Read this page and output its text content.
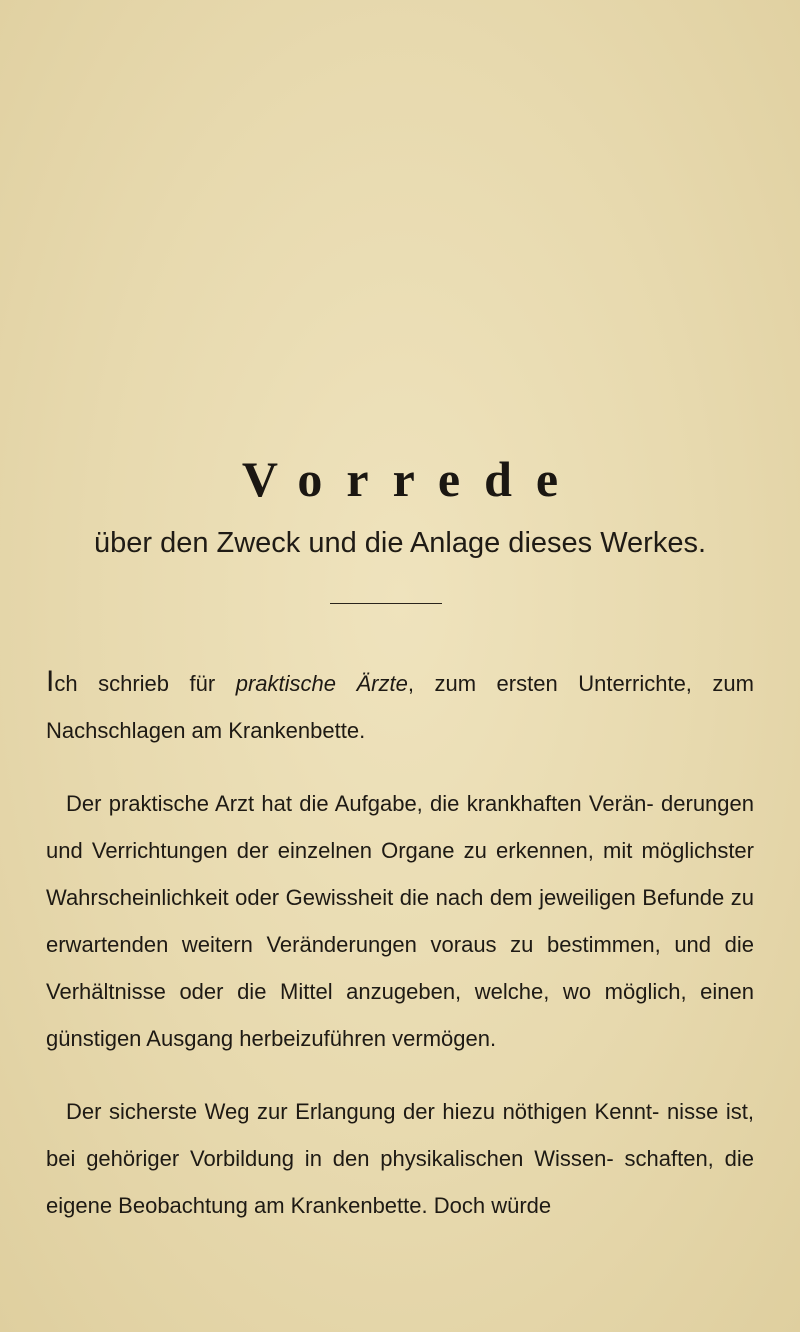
Vorrede
über den Zweck und die Anlage dieses Werkes.

Ich schrieb für praktische Ärzte, zum ersten Unterrichte, zum Nachschlagen am Krankenbette.

Der praktische Arzt hat die Aufgabe, die krankhaften Verän- derungen und Verrichtungen der einzelnen Organe zu erkennen, mit möglichster Wahrscheinlichkeit oder Gewissheit die nach dem jeweiligen Befunde zu erwartenden weitern Veränderungen voraus zu bestimmen, und die Verhältnisse oder die Mittel anzugeben, welche, wo möglich, einen günstigen Ausgang herbeizuführen vermögen.

Der sicherste Weg zur Erlangung der hiezu nöthigen Kennt- nisse ist, bei gehöriger Vorbildung in den physikalischen Wissen- schaften, die eigene Beobachtung am Krankenbette. Doch würde
